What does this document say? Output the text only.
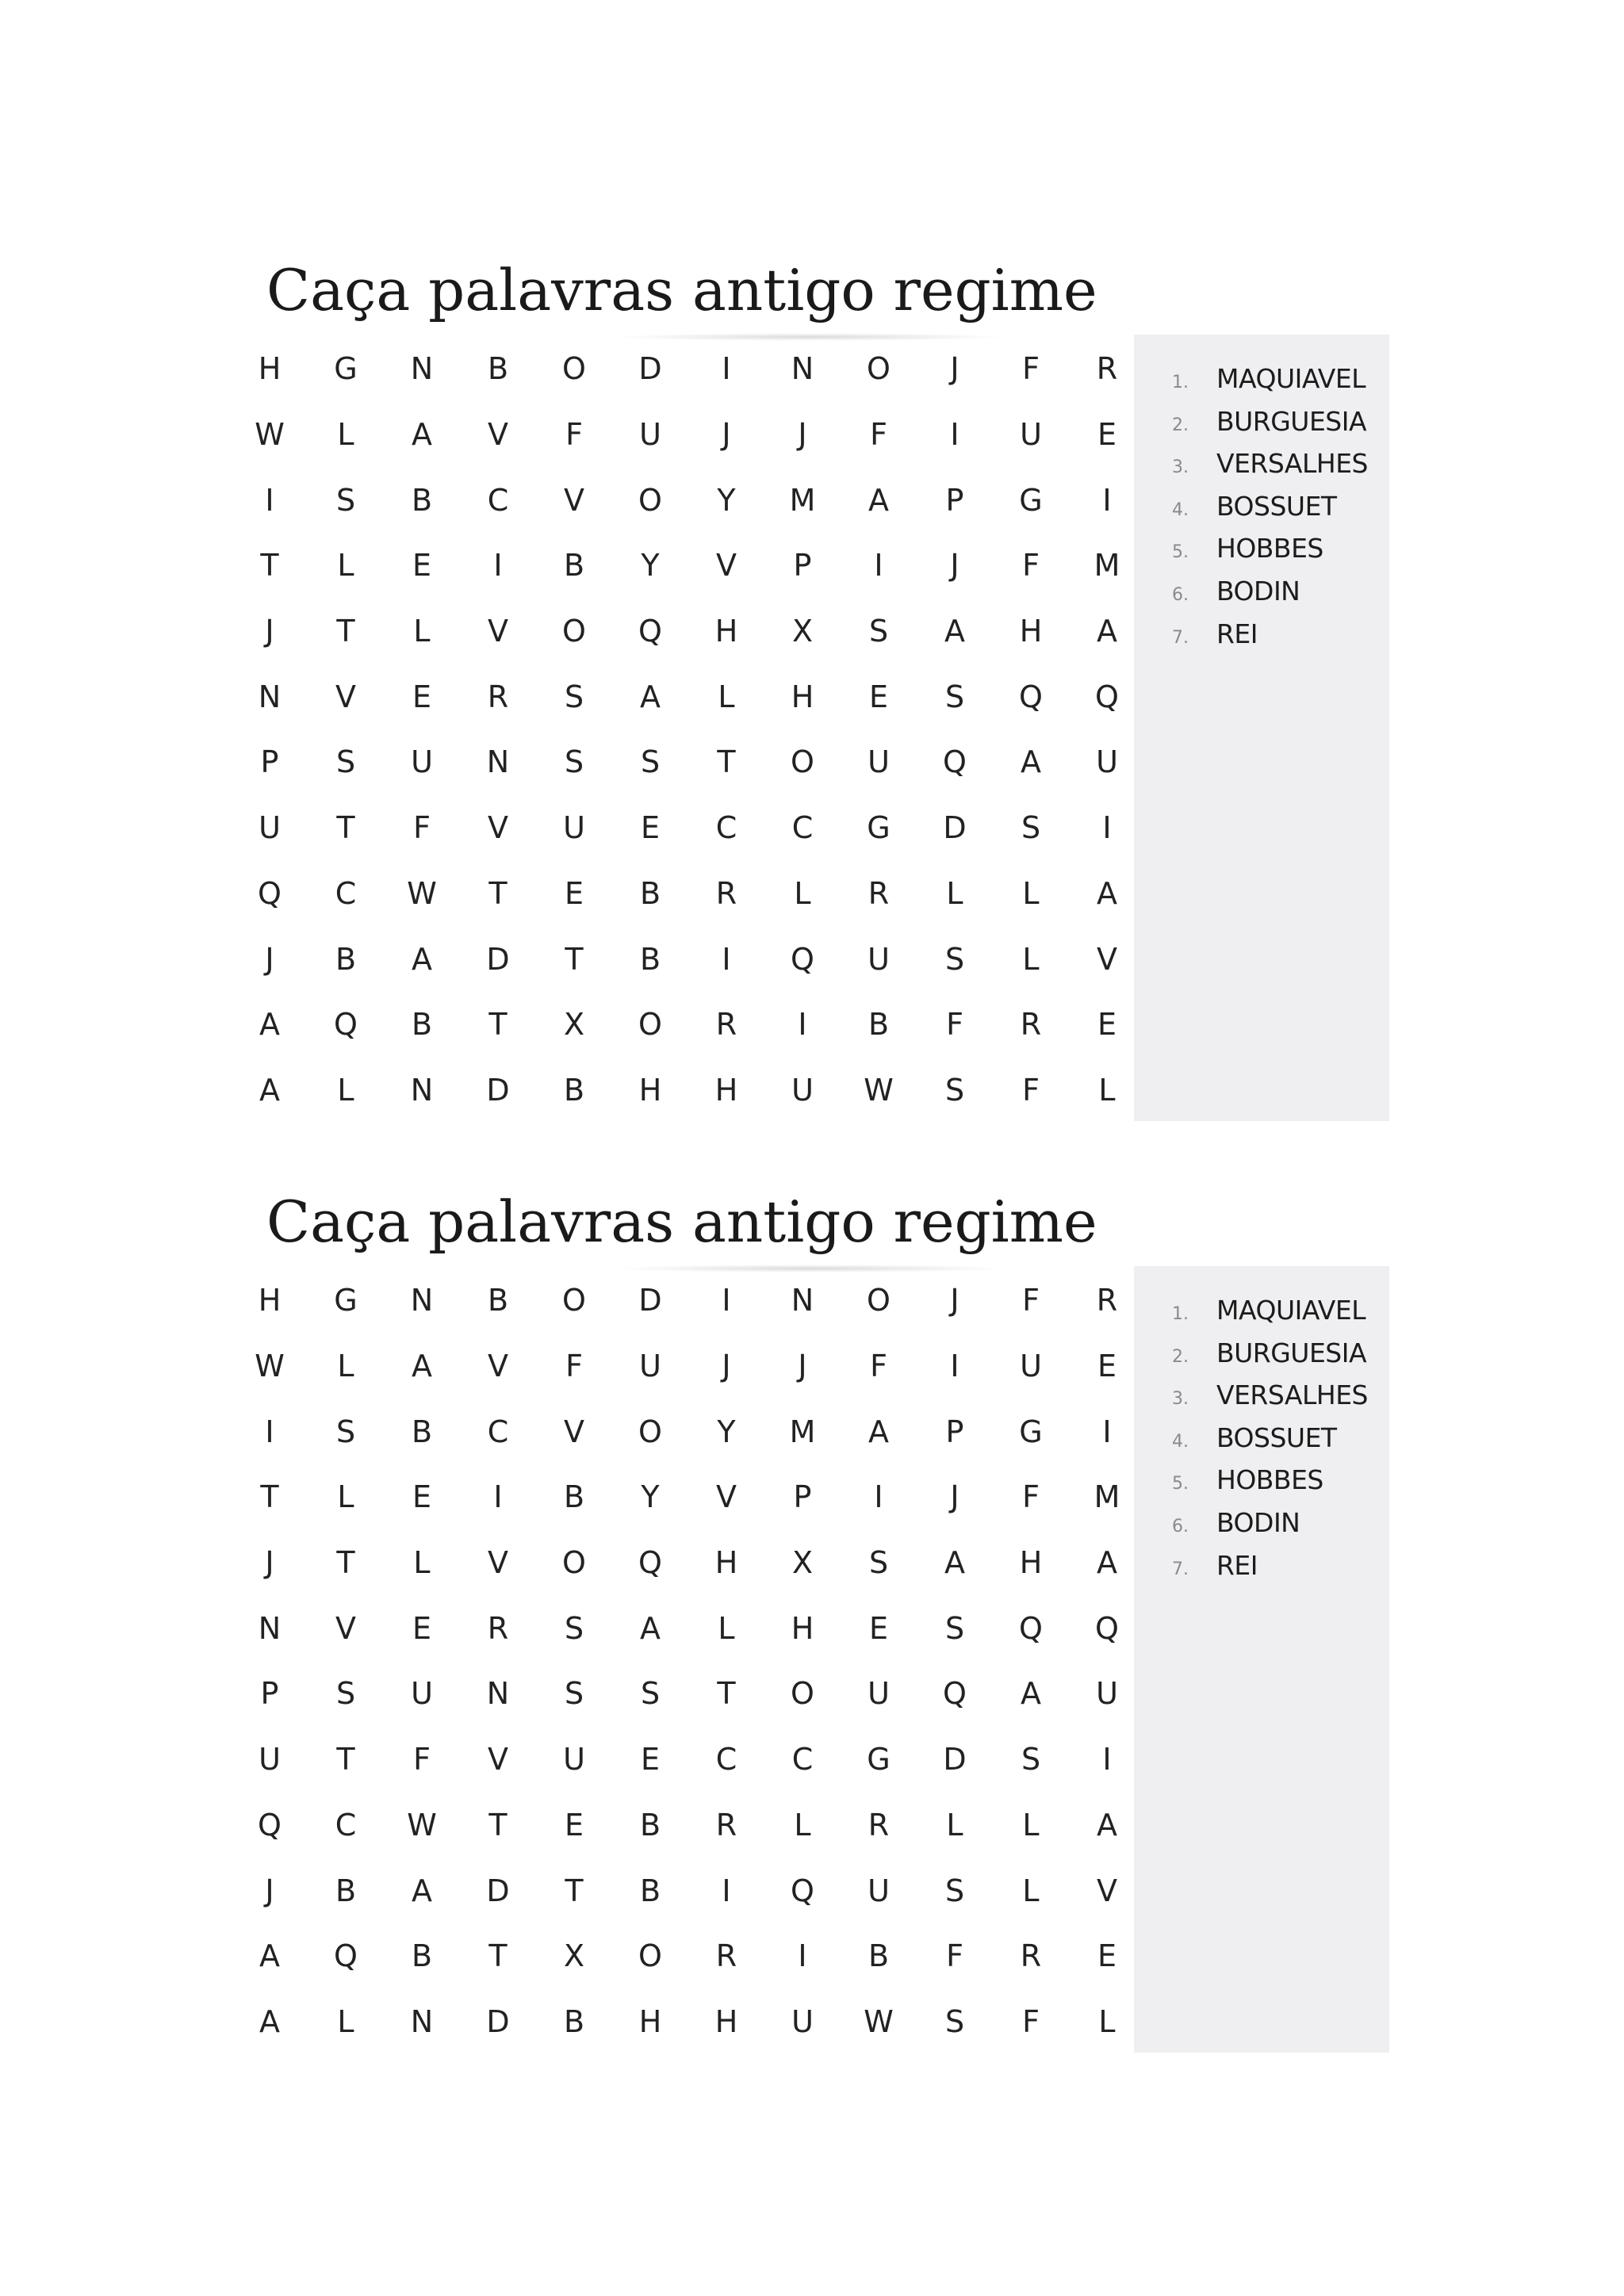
Caça palavras antigo regime
H	G	N	B	O	D	I	N	O	J	F	R
W	L	A	V	F	U	J	J	F	I	U	E
I	S	B	C	V	O	Y	M	A	P	G	I
T	L	E	I	B	Y	V	P	I	J	F	M
J	T	L	V	O	Q	H	X	S	A	H	A
N	V	E	R	S	A	L	H	E	S	Q	Q
P	S	U	N	S	S	T	O	U	Q	A	U
U	T	F	V	U	E	C	C	G	D	S	I
Q	C	W	T	E	B	R	L	R	L	L	A
J	B	A	D	T	B	I	Q	U	S	L	V
A	Q	B	T	X	O	R	I	B	F	R	E
A	L	N	D	B	H	H	U	W	S	F	L
1.	MAQUIAVEL
2.	BURGUESIA
3.	VERSALHES
4.	BOSSUET
5.	HOBBES
6.	BODIN
7.	REI
Caça palavras antigo regime
H	G	N	B	O	D	I	N	O	J	F	R
W	L	A	V	F	U	J	J	F	I	U	E
I	S	B	C	V	O	Y	M	A	P	G	I
T	L	E	I	B	Y	V	P	I	J	F	M
J	T	L	V	O	Q	H	X	S	A	H	A
N	V	E	R	S	A	L	H	E	S	Q	Q
P	S	U	N	S	S	T	O	U	Q	A	U
U	T	F	V	U	E	C	C	G	D	S	I
Q	C	W	T	E	B	R	L	R	L	L	A
J	B	A	D	T	B	I	Q	U	S	L	V
A	Q	B	T	X	O	R	I	B	F	R	E
A	L	N	D	B	H	H	U	W	S	F	L
1.	MAQUIAVEL
2.	BURGUESIA
3.	VERSALHES
4.	BOSSUET
5.	HOBBES
6.	BODIN
7.	REI
